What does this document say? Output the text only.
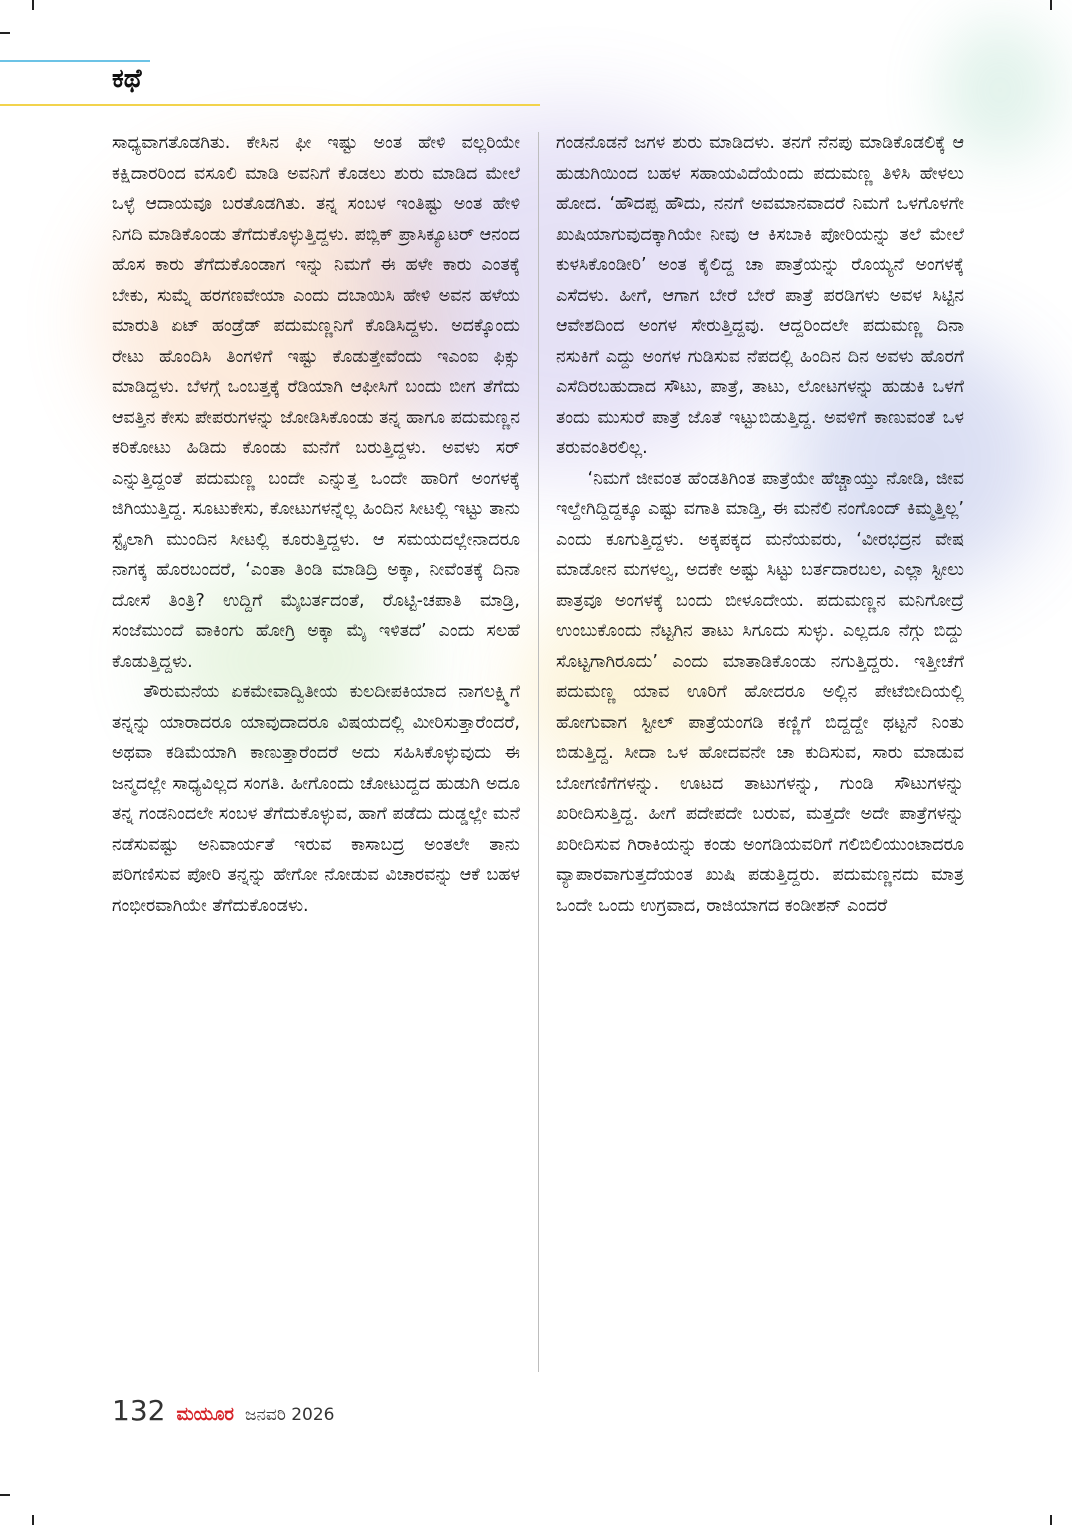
ಕಥೆ

ಸಾಧ್ಯವಾಗತೊಡಗಿತು. ಕೇಸಿನ ಫೀ ಇಷ್ಟು ಅಂತ ಹೇಳಿ ವಲ್ಲರಿಯೇ ಕಕ್ಷಿದಾರರಿಂದ ವಸೂಲಿ ಮಾಡಿ ಅವನಿಗೆ ಕೊಡಲು ಶುರು ಮಾಡಿದ ಮೇಲೆ ಒಳ್ಳೆ ಆದಾಯವೂ ಬರತೊಡಗಿತು. ತನ್ನ ಸಂಬಳ ಇಂತಿಷ್ಟು ಅಂತ ಹೇಳಿ ನಿಗದಿ ಮಾಡಿಕೊಂಡು ತೆಗೆದುಕೊಳ್ಳುತ್ತಿದ್ದಳು. ಪಬ್ಲಿಕ್ ಪ್ರಾಸಿಕ್ಯೂಟರ್ ಆನಂದ ಹೊಸ ಕಾರು ತೆಗೆದುಕೊಂಡಾಗ ಇನ್ನು ನಿಮಗೆ ಈ ಹಳೇ ಕಾರು ಎಂತಕ್ಕೆ ಬೇಕು, ಸುಮ್ನೆ ಹರಗಣವೇಯಾ ಎಂದು ದಬಾಯಿಸಿ ಹೇಳಿ ಅವನ ಹಳೆಯ ಮಾರುತಿ ಏಟ್ ಹಂಡ್ರೆಡ್ ಪದುಮಣ್ಣನಿಗೆ ಕೊಡಿಸಿದ್ದಳು. ಅದಕ್ಕೊಂದು ರೇಟು ಹೊಂದಿಸಿ ತಿಂಗಳಿಗೆ ಇಷ್ಟು ಕೊಡುತ್ತೇವೆಂದು ಇಎಂಐ ಫಿಕ್ಸು ಮಾಡಿದ್ದಳು. ಬೆಳಗ್ಗೆ ಒಂಬತ್ತಕ್ಕೆ ರೆಡಿಯಾಗಿ ಆಫೀಸಿಗೆ ಬಂದು ಬೀಗ ತೆಗೆದು ಆವತ್ತಿನ ಕೇಸು ಪೇಪರುಗಳನ್ನು ಜೋಡಿಸಿಕೊಂಡು ತನ್ನ ಹಾಗೂ ಪದುಮಣ್ಣನ ಕರಿಕೋಟು ಹಿಡಿದು ಕೊಂಡು ಮನೆಗೆ ಬರುತ್ತಿದ್ದಳು. ಅವಳು ಸರ್ ಎನ್ನುತ್ತಿದ್ದಂತೆ ಪದುಮಣ್ಣ ಬಂದೇ ಎನ್ನುತ್ತ ಒಂದೇ ಹಾರಿಗೆ ಅಂಗಳಕ್ಕೆ ಜಿಗಿಯುತ್ತಿದ್ದ. ಸೂಟುಕೇಸು, ಕೋಟುಗಳನ್ನೆಲ್ಲ ಹಿಂದಿನ ಸೀಟಲ್ಲಿ ಇಟ್ಟು ತಾನು ಸ್ಟೈಲಾಗಿ ಮುಂದಿನ ಸೀಟಲ್ಲಿ ಕೂರುತ್ತಿದ್ದಳು. ಆ ಸಮಯದಲ್ಲೇನಾದರೂ ನಾಗಕ್ಕ ಹೊರಬಂದರೆ, ‘ಎಂತಾ ತಿಂಡಿ ಮಾಡಿದ್ರಿ ಅಕ್ಕಾ, ನೀವೆಂತಕ್ಕೆ ದಿನಾ ದೋಸೆ ತಿಂತ್ರಿ? ಉದ್ದಿಗೆ ಮೈಬರ್ತದಂತೆ, ರೊಟ್ಟಿ-ಚಪಾತಿ ಮಾಡ್ರಿ, ಸಂಜೆಮುಂದೆ ವಾಕಿಂಗು ಹೋಗ್ರಿ ಅಕ್ಕಾ ಮೈ ಇಳಿತದೆ’ ಎಂದು ಸಲಹೆ ಕೊಡುತ್ತಿದ್ದಳು.

ತೌರುಮನೆಯ ಏಕಮೇವಾದ್ವಿತೀಯ ಕುಲದೀಪಕಿಯಾದ ನಾಗಲಕ್ಷ್ಮಿಗೆ ತನ್ನನ್ನು ಯಾರಾದರೂ ಯಾವುದಾದರೂ ವಿಷಯದಲ್ಲಿ ಮೀರಿಸುತ್ತಾರೆಂದರೆ, ಅಥವಾ ಕಡಿಮೆಯಾಗಿ ಕಾಣುತ್ತಾರೆಂದರೆ ಅದು ಸಹಿಸಿಕೊಳ್ಳುವುದು ಈ ಜನ್ಮದಲ್ಲೇ ಸಾಧ್ಯವಿಲ್ಲದ ಸಂಗತಿ. ಹೀಗೊಂದು ಚೋಟುದ್ದದ ಹುಡುಗಿ ಅದೂ ತನ್ನ ಗಂಡನಿಂದಲೇ ಸಂಬಳ ತೆಗೆದುಕೊಳ್ಳುವ, ಹಾಗೆ ಪಡೆದು ದುಡ್ಡಲ್ಲೇ ಮನೆ ನಡೆಸುವಷ್ಟು ಅನಿವಾರ್ಯತೆ ಇರುವ ಕಾಸಾಬದ್ರ ಅಂತಲೇ ತಾನು ಪರಿಗಣಿಸುವ ಪೋರಿ ತನ್ನನ್ನು ಹೇಗೋ ನೋಡುವ ವಿಚಾರವನ್ನು ಆಕೆ ಬಹಳ ಗಂಭೀರವಾಗಿಯೇ ತೆಗೆದುಕೊಂಡಳು.

ಗಂಡನೊಡನೆ ಜಗಳ ಶುರು ಮಾಡಿದಳು. ತನಗೆ ನೆನಪು ಮಾಡಿಕೊಡಲಿಕ್ಕೆ ಆ ಹುಡುಗಿಯಿಂದ ಬಹಳ ಸಹಾಯವಿದೆಯೆಂದು ಪದುಮಣ್ಣ ತಿಳಿಸಿ ಹೇಳಲು ಹೋದ. ‘ಹೌದಪ್ಪ ಹೌದು, ನನಗೆ ಅವಮಾನವಾದರೆ ನಿಮಗೆ ಒಳಗೊಳಗೇ ಖುಷಿಯಾಗುವುದಕ್ಕಾಗಿಯೇ ನೀವು ಆ ಕಿಸಬಾಕಿ ಪೋರಿಯನ್ನು ತಲೆ ಮೇಲೆ ಕುಳಸಿಕೊಂಡೀರಿ’ ಅಂತ ಕೈಲಿದ್ದ ಚಾ ಪಾತ್ರೆಯನ್ನು ರೊಯ್ಯನೆ ಅಂಗಳಕ್ಕೆ ಎಸೆದಳು. ಹೀಗೆ, ಆಗಾಗ ಬೇರೆ ಬೇರೆ ಪಾತ್ರೆ ಪರಡಿಗಳು ಅವಳ ಸಿಟ್ಟಿನ ಆವೇಶದಿಂದ ಅಂಗಳ ಸೇರುತ್ತಿದ್ದವು. ಆದ್ದರಿಂದಲೇ ಪದುಮಣ್ಣ ದಿನಾ ನಸುಕಿಗೆ ಎದ್ದು ಅಂಗಳ ಗುಡಿಸುವ ನೆಪದಲ್ಲಿ ಹಿಂದಿನ ದಿನ ಅವಳು ಹೊರಗೆ ಎಸೆದಿರಬಹುದಾದ ಸೌಟು, ಪಾತ್ರೆ, ತಾಟು, ಲೋಟಗಳನ್ನು ಹುಡುಕಿ ಒಳಗೆ ತಂದು ಮುಸುರೆ ಪಾತ್ರೆ ಜೊತೆ ಇಟ್ಟುಬಿಡುತ್ತಿದ್ದ. ಅವಳಿಗೆ ಕಾಣುವಂತೆ ಒಳ ತರುವಂತಿರಲಿಲ್ಲ.

‘ನಿಮಗೆ ಜೀವಂತ ಹೆಂಡತಿಗಿಂತ ಪಾತ್ರೆಯೇ ಹೆಚ್ಚಾಯ್ತು ನೋಡಿ, ಜೀವ ಇಲ್ದೇಗಿದ್ದಿದ್ದಕ್ಕೂ ಎಷ್ಟು ವಗಾತಿ ಮಾಡ್ತಿ, ಈ ಮನೆಲಿ ನಂಗೊಂದ್ ಕಿಮ್ಮತ್ತಿಲ್ಲ’ ಎಂದು ಕೂಗುತ್ತಿದ್ದಳು. ಅಕ್ಕಪಕ್ಕದ ಮನೆಯವರು, ‘ವೀರಭದ್ರನ ವೇಷ ಮಾಡೋನ ಮಗಳಲ್ವ, ಅದಕೇ ಅಷ್ಟು ಸಿಟ್ಟು ಬರ್ತದಾರಬಲ, ಎಲ್ಲಾ ಸ್ಟೀಲು ಪಾತ್ರವೂ ಅಂಗಳಕ್ಕೆ ಬಂದು ಬೀಳೂದೇಯ. ಪದುಮಣ್ಣನ ಮನಿಗೋದ್ರೆ ಉಂಬುಕೊಂದು ನೆಟ್ಟಗಿನ ತಾಟು ಸಿಗೂದು ಸುಳ್ಳು. ಎಲ್ಲದೂ ನೆಗ್ಗು ಬಿದ್ದು ಸೊಟ್ಟಗಾಗಿರೂದು’ ಎಂದು ಮಾತಾಡಿಕೊಂಡು ನಗುತ್ತಿದ್ದರು. ಇತ್ತೀಚೆಗೆ ಪದುಮಣ್ಣ ಯಾವ ಊರಿಗೆ ಹೋದರೂ ಅಲ್ಲಿನ ಪೇಟೆಬೀದಿಯಲ್ಲಿ ಹೋಗುವಾಗ ಸ್ಟೀಲ್ ಪಾತ್ರೆಯಂಗಡಿ ಕಣ್ಣಿಗೆ ಬಿದ್ದದ್ದೇ ಥಟ್ಟನೆ ನಿಂತು ಬಿಡುತ್ತಿದ್ದ. ಸೀದಾ ಒಳ ಹೋದವನೇ ಚಾ ಕುದಿಸುವ, ಸಾರು ಮಾಡುವ ಬೋಗಣಿಗೆಗಳನ್ನು. ಊಟದ ತಾಟುಗಳನ್ನು, ಗುಂಡಿ ಸೌಟುಗಳನ್ನು ಖರೀದಿಸುತ್ತಿದ್ದ. ಹೀಗೆ ಪದೇಪದೇ ಬರುವ, ಮತ್ತದೇ ಅದೇ ಪಾತ್ರೆಗಳನ್ನು ಖರೀದಿಸುವ ಗಿರಾಕಿಯನ್ನು ಕಂಡು ಅಂಗಡಿಯವರಿಗೆ ಗಲಿಬಿಲಿಯುಂಟಾದರೂ ವ್ಯಾಪಾರವಾಗುತ್ತದೆಯಂತ ಖುಷಿ ಪಡುತ್ತಿದ್ದರು. ಪದುಮಣ್ಣನದು ಮಾತ್ರ ಒಂದೇ ಒಂದು ಉಗ್ರವಾದ, ರಾಜಿಯಾಗದ ಕಂಡೀಶನ್ ಎಂದರೆ

132 ಮಯೂರ ಜನವರಿ 2026
